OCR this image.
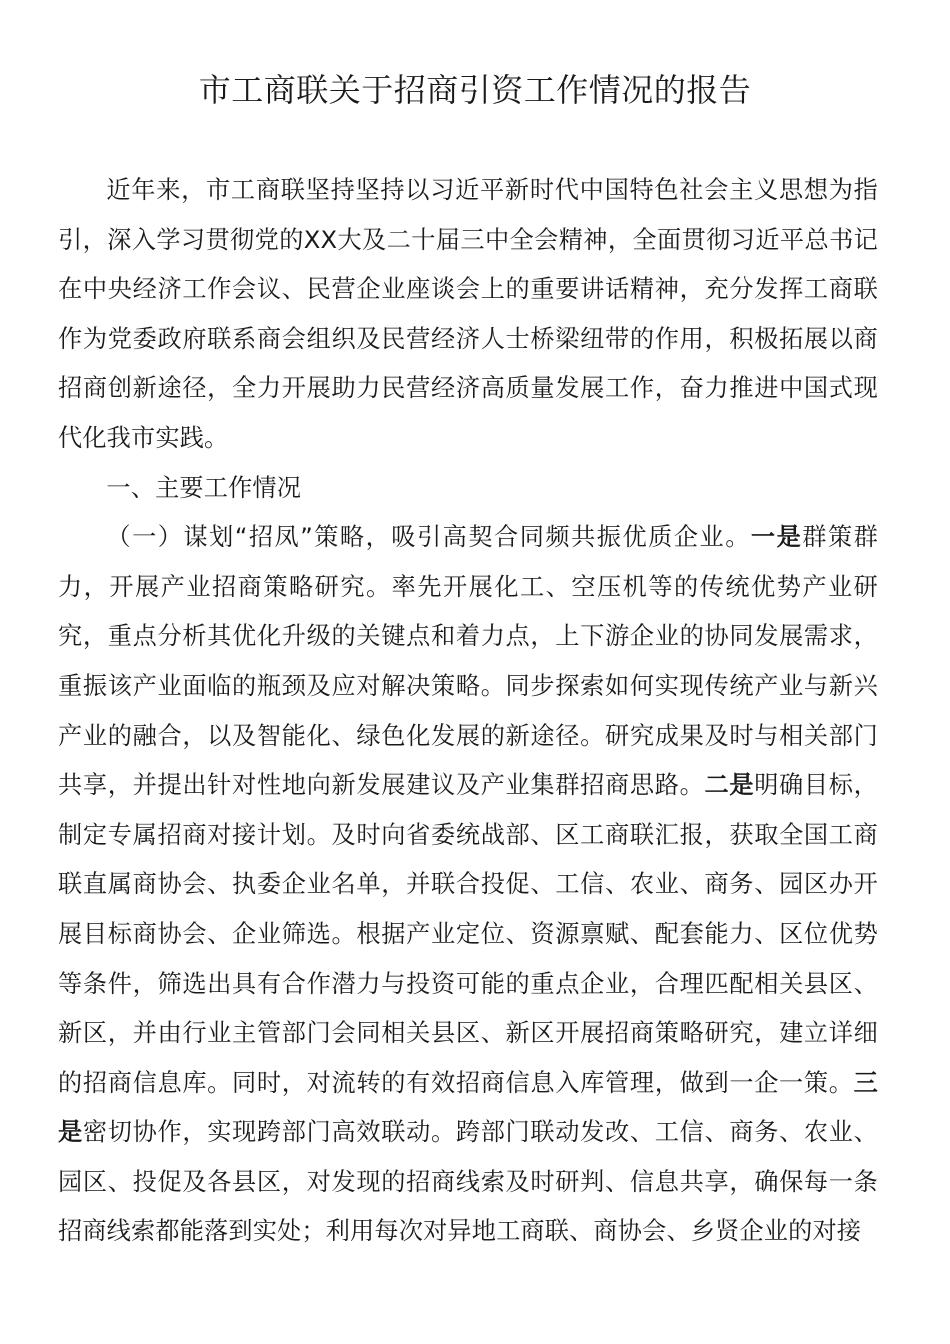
市工商联关于招商引资工作情况的报告

近年来，市工商联坚持坚持以习近平新时代中国特色社会主义思想为指引，深入学习贯彻党的XX大及二十届三中全会精神，全面贯彻习近平总书记在中央经济工作会议、民营企业座谈会上的重要讲话精神，充分发挥工商联作为党委政府联系商会组织及民营经济人士桥梁纽带的作用，积极拓展以商招商创新途径，全力开展助力民营经济高质量发展工作，奋力推进中国式现代化我市实践。

一、主要工作情况

（一）谋划“招凤”策略，吸引高契合同频共振优质企业。一是群策群力，开展产业招商策略研究。率先开展化工、空压机等的传统优势产业研究，重点分析其优化升级的关键点和着力点，上下游企业的协同发展需求，重振该产业面临的瓶颈及应对解决策略。同步探索如何实现传统产业与新兴产业的融合，以及智能化、绿色化发展的新途径。研究成果及时与相关部门共享，并提出针对性地向新发展建议及产业集群招商思路。二是明确目标，制定专属招商对接计划。及时向省委统战部、区工商联汇报，获取全国工商联直属商协会、执委企业名单，并联合投促、工信、农业、商务、园区办开展目标商协会、企业筛选。根据产业定位、资源禀赋、配套能力、区位优势等条件，筛选出具有合作潜力与投资可能的重点企业，合理匹配相关县区、新区，并由行业主管部门会同相关县区、新区开展招商策略研究，建立详细的招商信息库。同时，对流转的有效招商信息入库管理，做到一企一策。三是密切协作，实现跨部门高效联动。跨部门联动发改、工信、商务、农业、园区、投促及各县区，对发现的招商线索及时研判、信息共享，确保每一条招商线索都能落到实处；利用每次对异地工商联、商协会、乡贤企业的对接
